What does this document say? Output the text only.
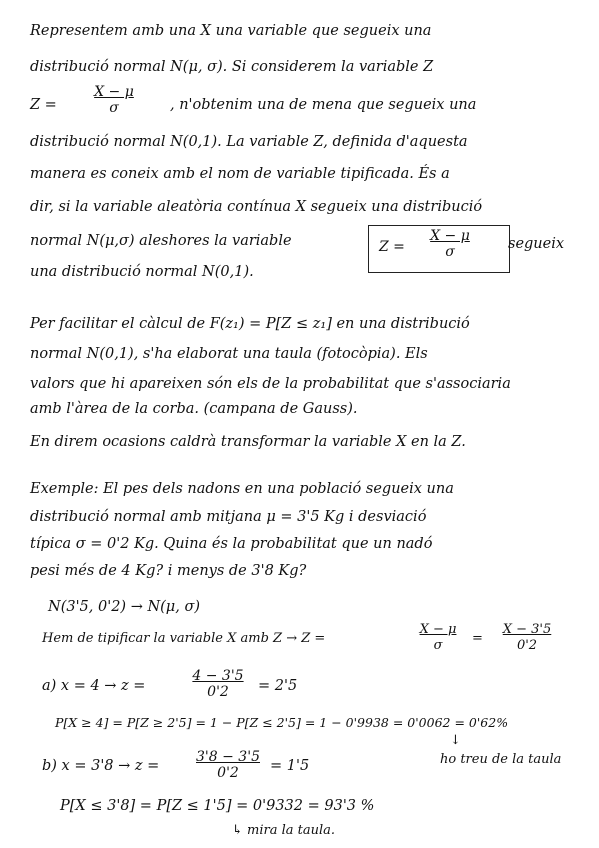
Representem amb una X una variable que segueix una
distribució normal N(μ, σ). Si considerem la variable Z
$Z = \frac{X - \mu}{\sigma}$ , n'obtenim una de mena que segueix una
distribució normal N(0,1). La variable Z, definida d'aquesta
manera es coneix amb el nom de variable tipificada. És a
dir, si la variable aleatòria contínua X segueix una distribució
normal N(μ,σ) aleshores la variable	$Z = \frac{X - \mu}{\sigma}$ segueix
una distribució normal N(0,1).
Per facilitar el càlcul de F(z₁) = P[Z ≤ z₁] en una distribució
normal N(0,1), s'ha elaborat una taula (fotocòpia). Els
valors que hi apareixen són els de la probabilitat que s'associaria
amb l'àrea de la corba. (campana de Gauss).
En direm ocasions caldrà transformar la variable X en la Z.
Exemple: El pes dels nadons en una població segueix una
distribució normal amb mitjana μ = 3'5 Kg i desviació
típica σ = 0'2 Kg. Quina és la probabilitat que un nadó
pesi més de 4 Kg? i menys de 3'8 Kg?
N(3'5, 0'2) → N(μ, σ)
Hem de tipificar la variable X amb Z → Z =	$\frac{X - \mu}{\sigma} = \frac{X - 3'5}{0'2}$
a) x = 4 → z =	$\frac{4 - 3'5}{0'2} = 2'5$
P[X ≥ 4] = P[Z ≥ 2'5] = 1 − P[Z ≤ 2'5] = 1 − 0'9938 = 0'0062 = 0'62%
↓
ho treu de la taula
b) $x = 3'8 \to z = \frac{3'8 - 3'5}{0'2} = 1'5$
P[X ≤ 3'8] = P[Z ≤ 1'5] = 0'9332 = 93'3 %
↳ mira la taula.
